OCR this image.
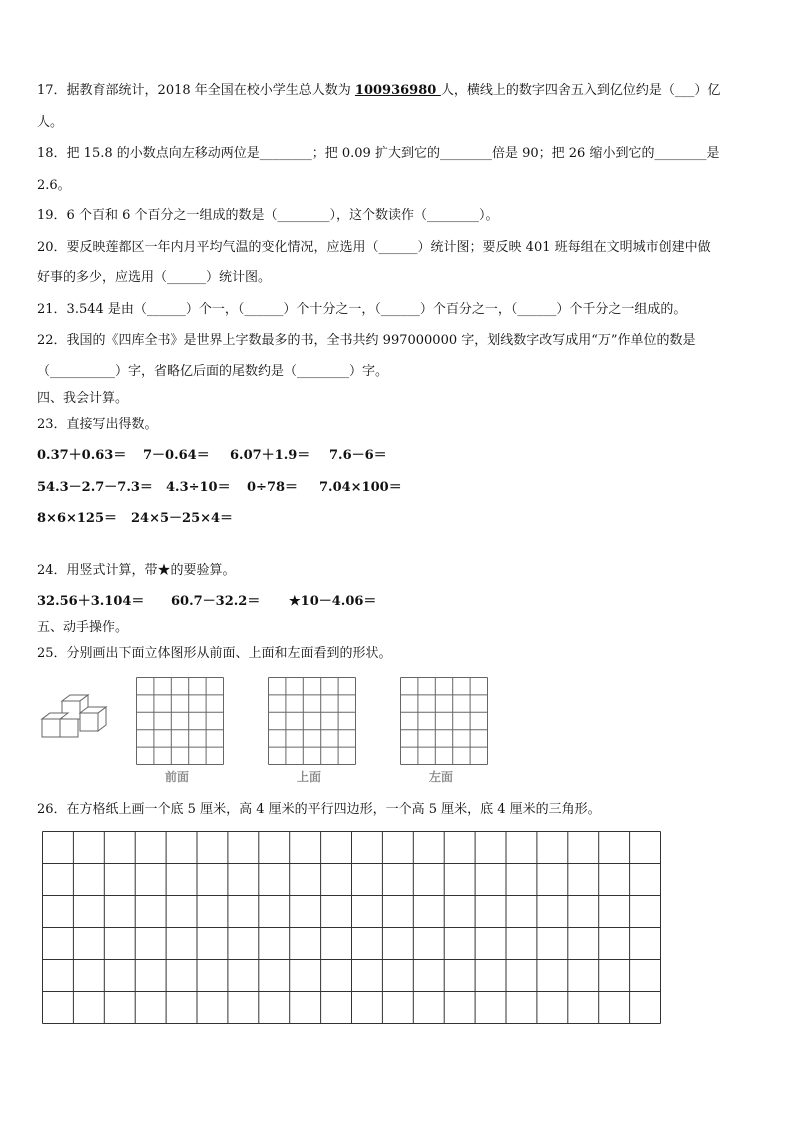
17．据教育部统计，2018 年全国在校小学生总人数为 100936980 人，横线上的数字四舍五入到亿位约是（___）亿
人。
18．把 15.8 的小数点向左移动两位是________；把 0.09 扩大到它的________倍是 90；把 26 缩小到它的________是
2.6。
19．6 个百和 6 个百分之一组成的数是（________），这个数读作（________）。
20．要反映莲都区一年内月平均气温的变化情况，应选用（______）统计图；要反映 401 班每组在文明城市创建中做
好事的多少，应选用（______）统计图。
21．3.544 是由（______）个一，（______）个十分之一，（______）个百分之一，（______）个千分之一组成的。
22．我国的《四库全书》是世界上字数最多的书，全书共约 997000000 字，划线数字改写成用“万”作单位的数是
（__________）字，省略亿后面的尾数约是（________）字。
四、我会计算。
23．直接写出得数。
0.37＋0.63＝ 7－0.64＝ 6.07＋1.9＝ 7.6－6＝
54.3－2.7－7.3＝ 4.3÷10＝ 0÷78＝ 7.04×100＝
8×6×125＝ 24×5－25×4＝
24．用竖式计算，带★的要验算。
32.56＋3.104＝ 60.7－32.2＝ ★10－4.06＝
五、动手操作。
25．分别画出下面立体图形从前面、上面和左面看到的形状。
前面	上面	左面
26．在方格纸上画一个底 5 厘米，高 4 厘米的平行四边形，一个高 5 厘米，底 4 厘米的三角形。
